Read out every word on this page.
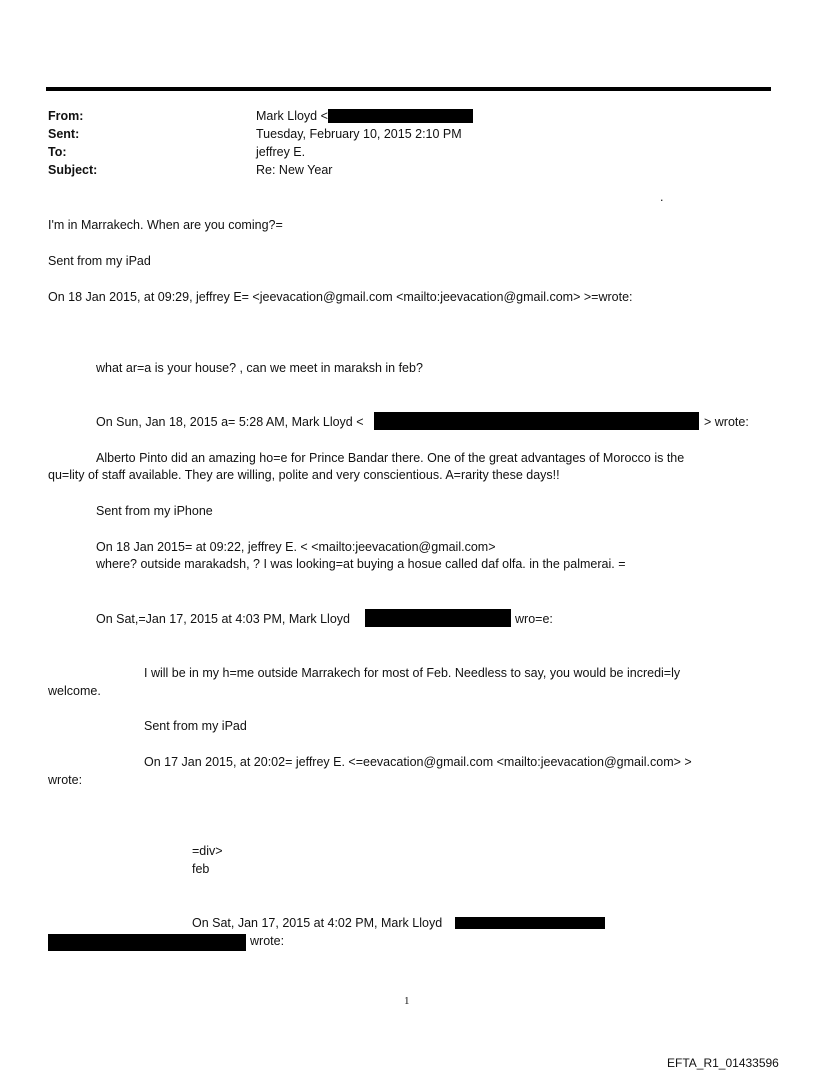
From:	Mark Lloyd <
Sent:	Tuesday, February 10, 2015 2:10 PM
To:	jeffrey E.
Subject:	Re: New Year
.
I'm in Marrakech. When are you coming?=
Sent from my iPad
On 18 Jan 2015, at 09:29, jeffrey E= <jeevacation@gmail.com <mailto:jeevacation@gmail.com> >=wrote:
what ar=a is your house? , can we meet in maraksh in feb?
On Sun, Jan 18, 2015 a= 5:28 AM, Mark Lloyd <	> wrote:
Alberto Pinto did an amazing ho=e for Prince Bandar there. One of the great advantages of Morocco is the
qu=lity of staff available. They are willing, polite and very conscientious. A=rarity these days!!
Sent from my iPhone
On 18 Jan 2015= at 09:22, jeffrey E. < <mailto:jeevacation@gmail.com>
where? outside marakadsh, ? I was looking=at buying a hosue called daf olfa. in the palmerai. =
On Sat,=Jan 17, 2015 at 4:03 PM, Mark Lloyd	wro=e:
I will be in my h=me outside Marrakech for most of Feb. Needless to say, you would be incredi=ly
welcome.
Sent from my iPad
On 17 Jan 2015, at 20:02= jeffrey E. <=eevacation@gmail.com <mailto:jeevacation@gmail.com> >
wrote:
=div>
feb
On Sat, Jan 17, 2015 at 4:02 PM, Mark Lloyd
wrote:
1
EFTA_R1_01433596
